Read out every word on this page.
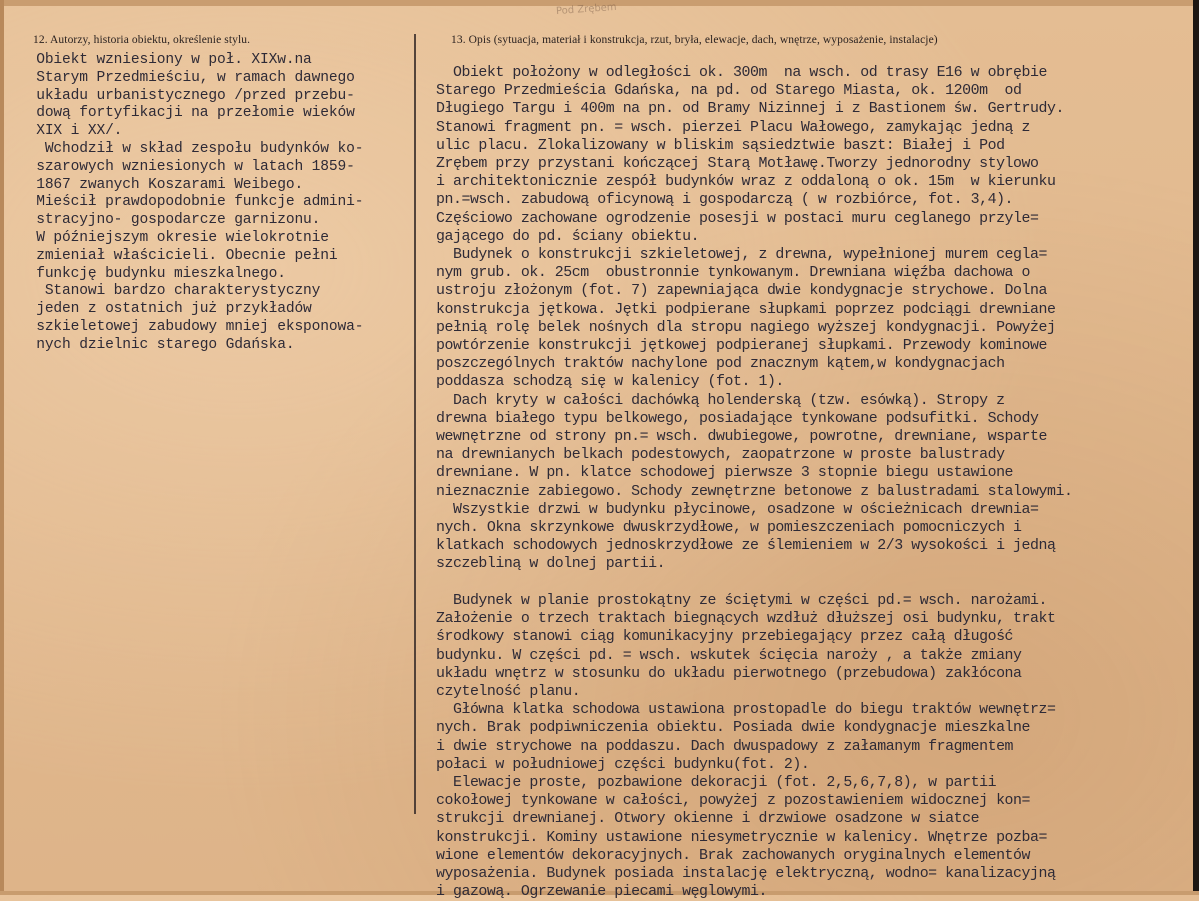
Pod Zrębem
12. Autorzy, historia obiektu, określenie stylu.	13. Opis (sytuacja, materiał i konstrukcja, rzut, bryła, elewacje, dach, wnętrze, wyposażenie, instalacje)
Obiekt wzniesiony w poł. XIXw.na
Starym Przedmieściu, w ramach dawnego
układu urbanistycznego /przed przebu-
dową fortyfikacji na przełomie wieków
XIX i XX/.
Wchodził w skład zespołu budynków ko-
szarowych wzniesionych w latach 1859-
1867 zwanych Koszarami Weibego.
Mieścił prawdopodobnie funkcje admini-
stracyjno- gospodarcze garnizonu.
W późniejszym okresie wielokrotnie
zmieniał właścicieli. Obecnie pełni
funkcję budynku mieszkalnego.
Stanowi bardzo charakterystyczny
jeden z ostatnich już przykładów
szkieletowej zabudowy mniej eksponowa-
nych dzielnic starego Gdańska.
Obiekt położony w odległości ok. 300m  na wsch. od trasy E16 w obrębie
Starego Przedmieścia Gdańska, na pd. od Starego Miasta, ok. 1200m  od
Długiego Targu i 400m na pn. od Bramy Nizinnej i z Bastionem św. Gertrudy.
Stanowi fragment pn. = wsch. pierzei Placu Wałowego, zamykając jedną z
ulic placu. Zlokalizowany w bliskim sąsiedztwie baszt: Białej i Pod
Zrębem przy przystani kończącej Starą Motławę.Tworzy jednorodny stylowo
i architektonicznie zespół budynków wraz z oddaloną o ok. 15m  w kierunku
pn.=wsch. zabudową oficynową i gospodarczą ( w rozbiórce, fot. 3,4).
Częściowo zachowane ogrodzenie posesji w postaci muru ceglanego przyle=
gającego do pd. ściany obiektu.
Budynek o konstrukcji szkieletowej, z drewna, wypełnionej murem cegla=
nym grub. ok. 25cm  obustronnie tynkowanym. Drewniana więźba dachowa o
ustroju złożonym (fot. 7) zapewniająca dwie kondygnacje strychowe. Dolna
konstrukcja jętkowa. Jętki podpierane słupkami poprzez podciągi drewniane
pełnią rolę belek nośnych dla stropu nagiego wyższej kondygnacji. Powyżej
powtórzenie konstrukcji jętkowej podpieranej słupkami. Przewody kominowe
poszczególnych traktów nachylone pod znacznym kątem,w kondygnacjach
poddasza schodzą się w kalenicy (fot. 1).
Dach kryty w całości dachówką holenderską (tzw. esówką). Stropy z
drewna białego typu belkowego, posiadające tynkowane podsufitki. Schody
wewnętrzne od strony pn.= wsch. dwubiegowe, powrotne, drewniane, wsparte
na drewnianych belkach podestowych, zaopatrzone w proste balustrady
drewniane. W pn. klatce schodowej pierwsze 3 stopnie biegu ustawione
nieznacznie zabiegowo. Schody zewnętrzne betonowe z balustradami stalowymi.
Wszystkie drzwi w budynku płycinowe, osadzone w ościeżnicach drewnia=
nych. Okna skrzynkowe dwuskrzydłowe, w pomieszczeniach pomocniczych i
klatkach schodowych jednoskrzydłowe ze ślemieniem w 2/3 wysokości i jedną
szczebliną w dolnej partii.

Budynek w planie prostokątny ze ściętymi w części pd.= wsch. narożami.
Założenie o trzech traktach biegnących wzdłuż dłuższej osi budynku, trakt
środkowy stanowi ciąg komunikacyjny przebiegający przez całą długość
budynku. W części pd. = wsch. wskutek ścięcia naroży , a także zmiany
układu wnętrz w stosunku do układu pierwotnego (przebudowa) zakłócona
czytelność planu.
Główna klatka schodowa ustawiona prostopadle do biegu traktów wewnętrz=
nych. Brak podpiwniczenia obiektu. Posiada dwie kondygnacje mieszkalne
i dwie strychowe na poddaszu. Dach dwuspadowy z załamanym fragmentem
połaci w południowej części budynku(fot. 2).
Elewacje proste, pozbawione dekoracji (fot. 2,5,6,7,8), w partii
cokołowej tynkowane w całości, powyżej z pozostawieniem widocznej kon=
strukcji drewnianej. Otwory okienne i drzwiowe osadzone w siatce
konstrukcji. Kominy ustawione niesymetrycznie w kalenicy. Wnętrze pozba=
wione elementów dekoracyjnych. Brak zachowanych oryginalnych elementów
wyposażenia. Budynek posiada instalację elektryczną, wodno= kanalizacyjną
i gazową. Ogrzewanie piecami węglowymi.
